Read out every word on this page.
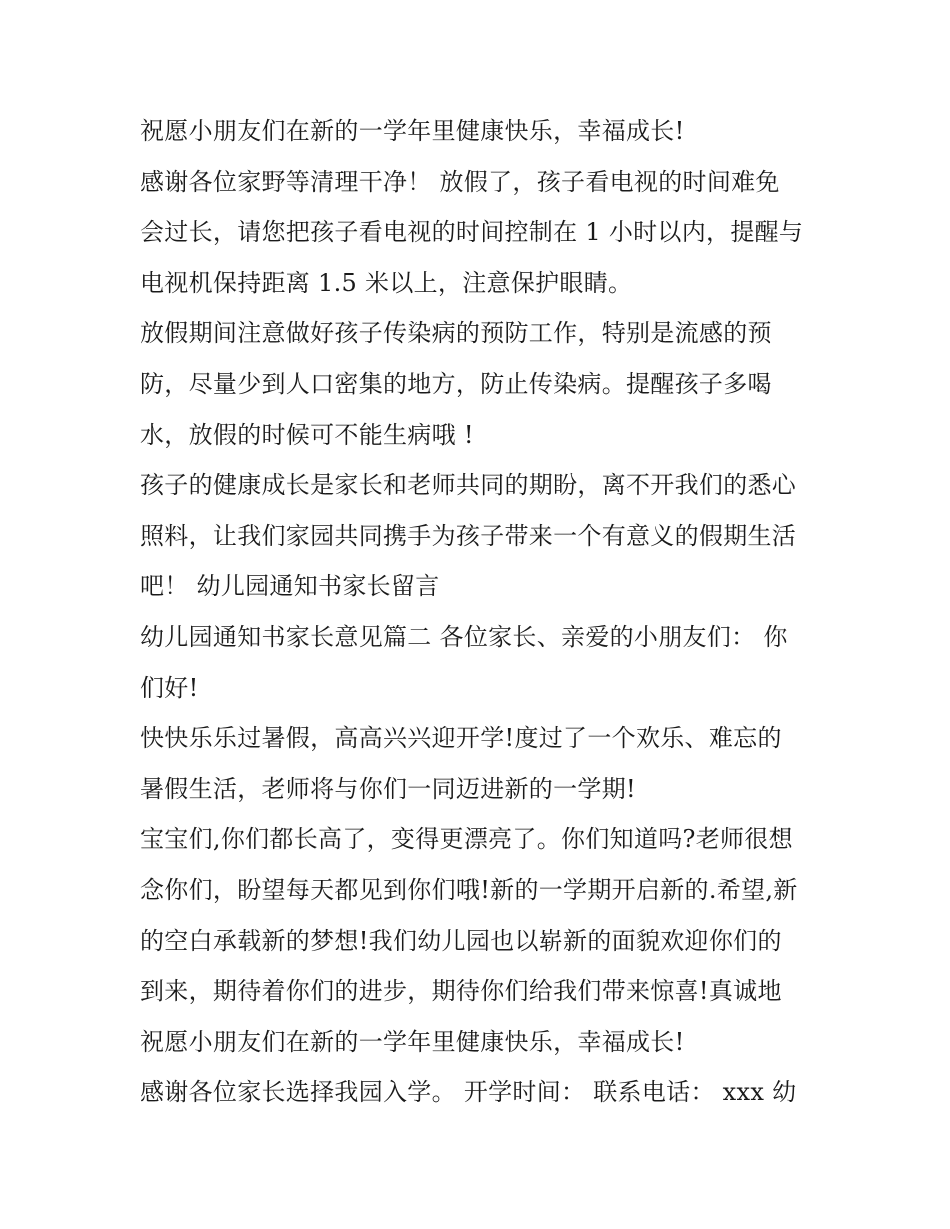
祝愿小朋友们在新的一学年里健康快乐，幸福成长!
感谢各位家野等清理干净！ 放假了，孩子看电视的时间难免
会过长，请您把孩子看电视的时间控制在 1 小时以内，提醒与
电视机保持距离 1.5 米以上，注意保护眼睛。
放假期间注意做好孩子传染病的预防工作，特别是流感的预
防，尽量少到人口密集的地方，防止传染病。提醒孩子多喝
水，放假的时候可不能生病哦 !
孩子的健康成长是家长和老师共同的期盼，离不开我们的悉心
照料，让我们家园共同携手为孩子带来一个有意义的假期生活
吧！ 幼儿园通知书家长留言
幼儿园通知书家长意见篇二 各位家长、亲爱的小朋友们： 你
们好!
快快乐乐过暑假，高高兴兴迎开学!度过了一个欢乐、难忘的
暑假生活，老师将与你们一同迈进新的一学期!
宝宝们,你们都长高了，变得更漂亮了。你们知道吗?老师很想
念你们，盼望每天都见到你们哦!新的一学期开启新的.希望,新
的空白承载新的梦想!我们幼儿园也以崭新的面貌欢迎你们的
到来，期待着你们的进步，期待你们给我们带来惊喜!真诚地
祝愿小朋友们在新的一学年里健康快乐，幸福成长!
感谢各位家长选择我园入学。 开学时间： 联系电话： xxx 幼
